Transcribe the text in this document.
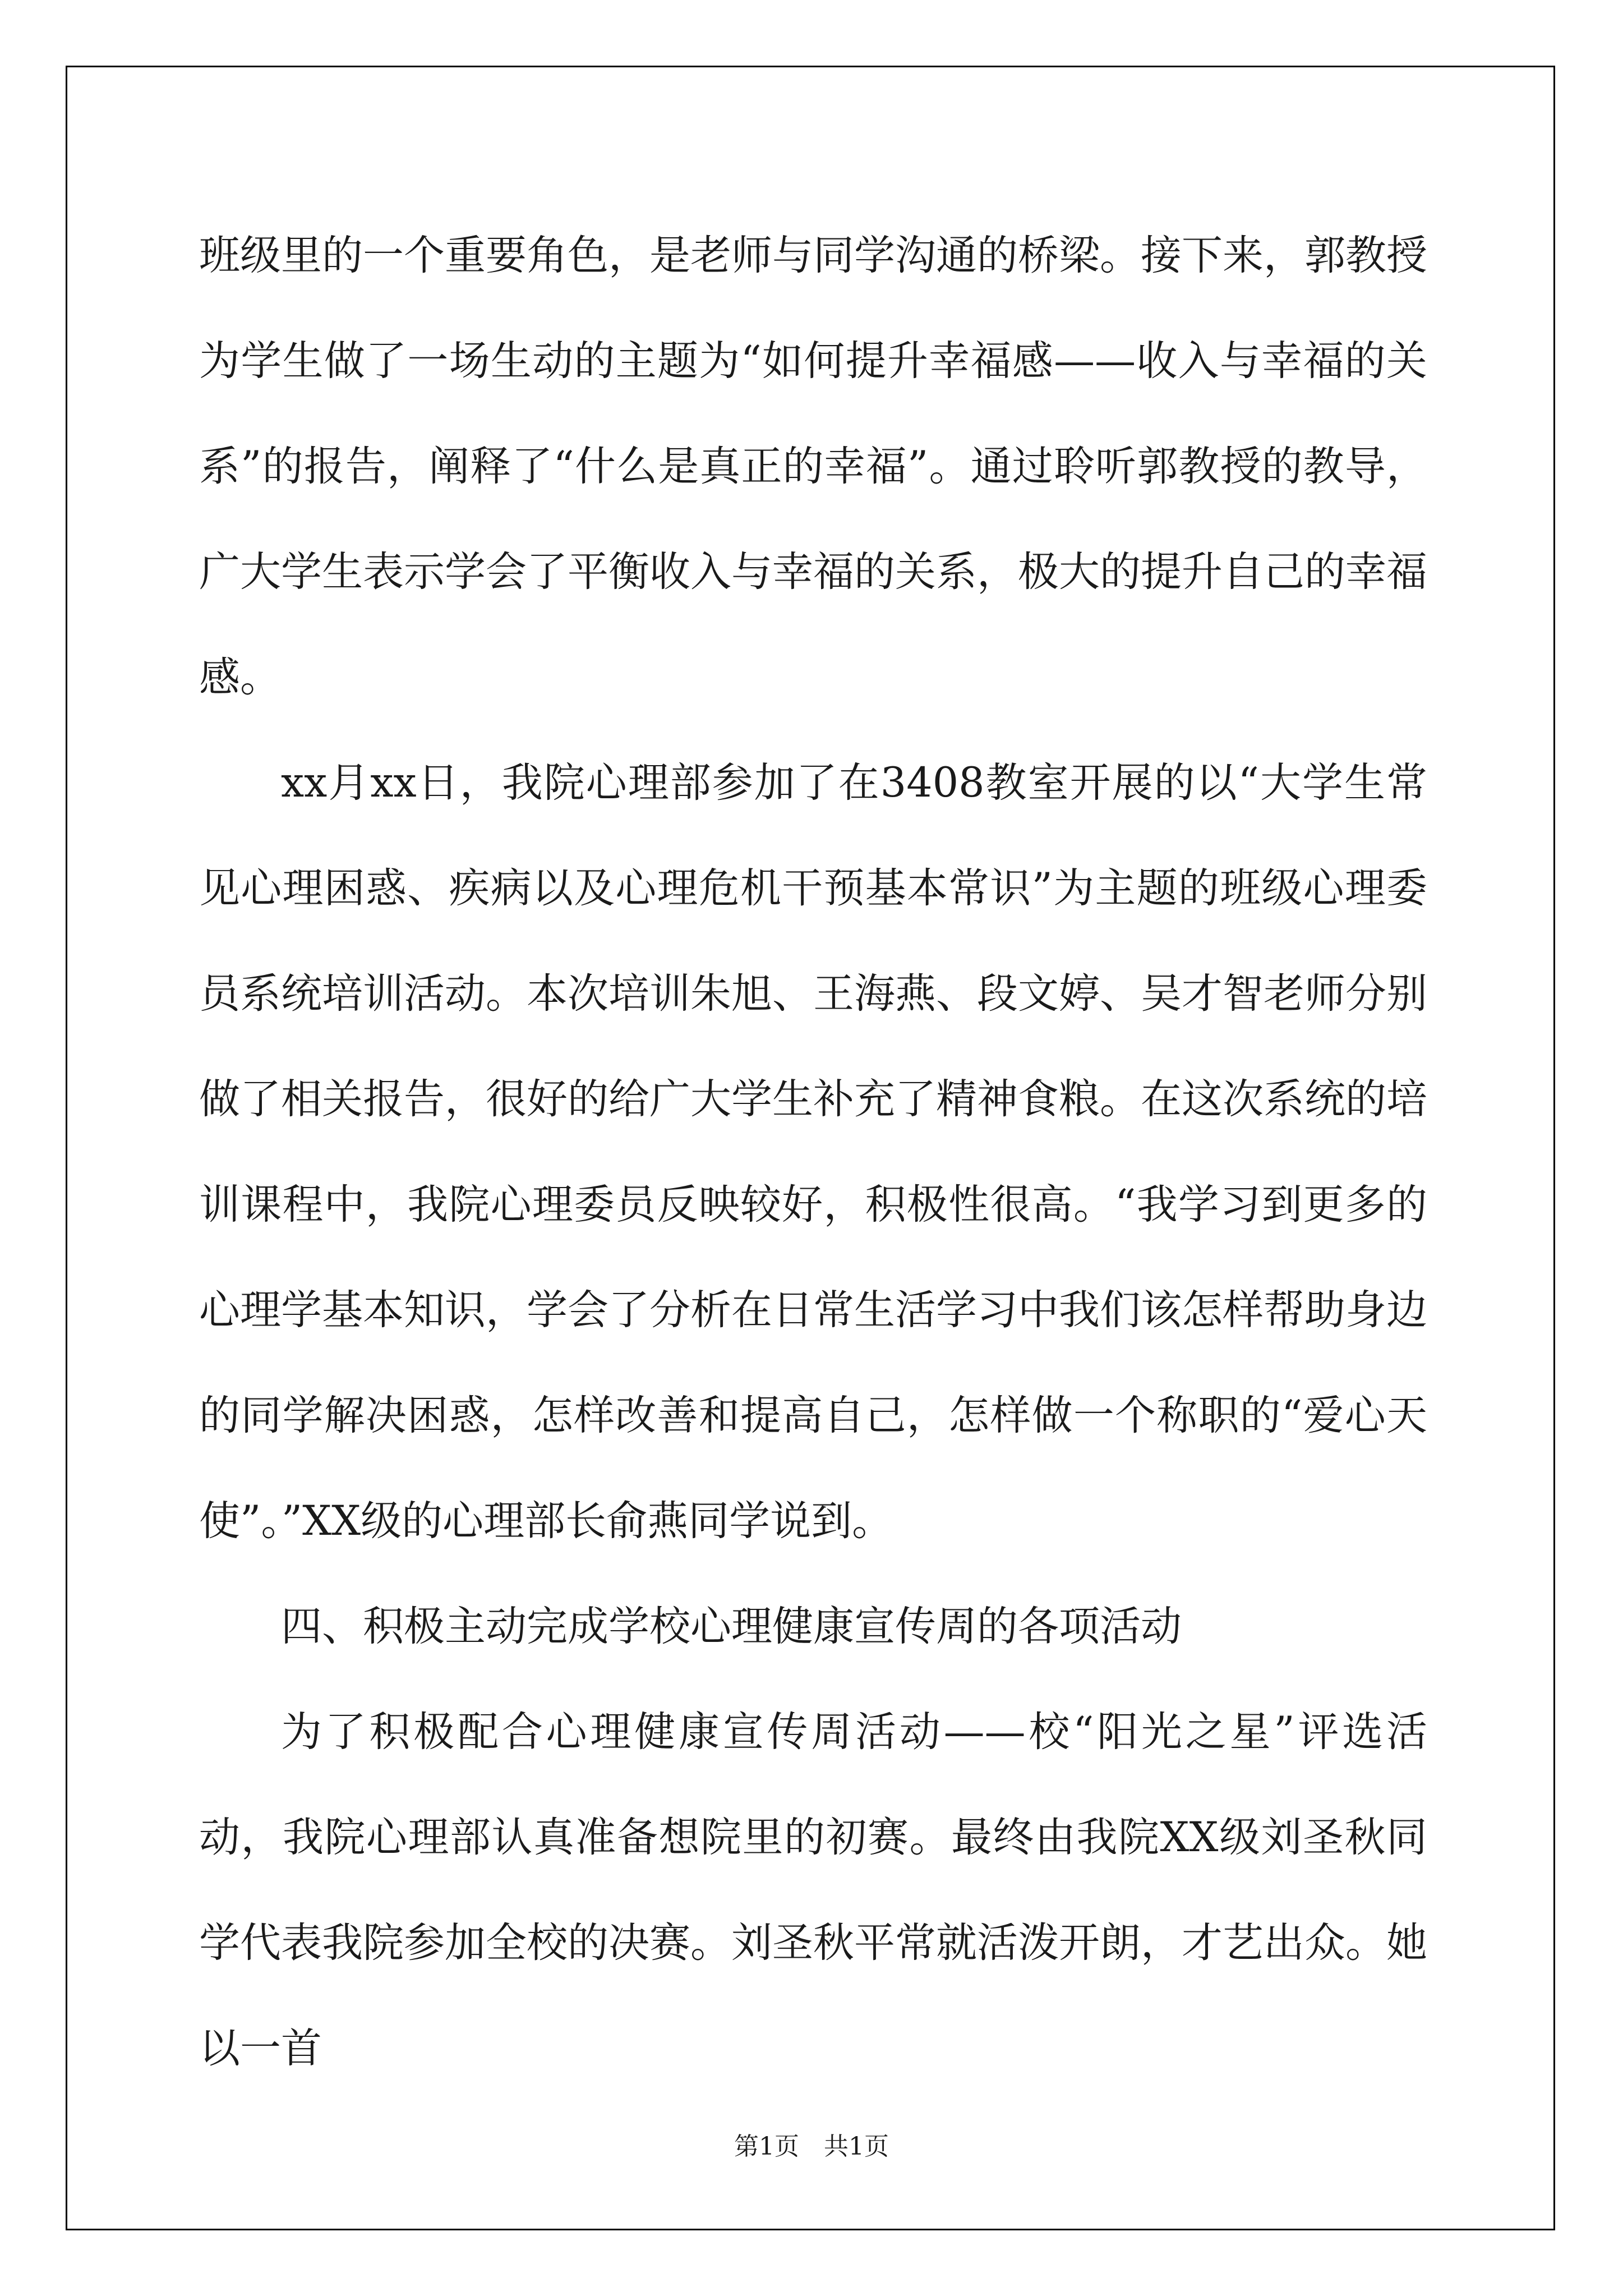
班级里的一个重要角色，是老师与同学沟通的桥梁。接下来，郭教授为学生做了一场生动的主题为“如何提升幸福感——收入与幸福的关系”的报告，阐释了“什么是真正的幸福”。通过聆听郭教授的教导，广大学生表示学会了平衡收入与幸福的关系，极大的提升自己的幸福感。

xx月xx日，我院心理部参加了在3408教室开展的以“大学生常见心理困惑、疾病以及心理危机干预基本常识”为主题的班级心理委员系统培训活动。本次培训朱旭、王海燕、段文婷、吴才智老师分别做了相关报告，很好的给广大学生补充了精神食粮。在这次系统的培训课程中，我院心理委员反映较好，积极性很高。“我学习到更多的心理学基本知识，学会了分析在日常生活学习中我们该怎样帮助身边的同学解决困惑，怎样改善和提高自己，怎样做一个称职的“爱心天使”。”XX级的心理部长俞燕同学说到。

四、积极主动完成学校心理健康宣传周的各项活动

为了积极配合心理健康宣传周活动——校“阳光之星”评选活动，我院心理部认真准备想院里的初赛。最终由我院XX级刘圣秋同学代表我院参加全校的决赛。刘圣秋平常就活泼开朗，才艺出众。她以一首

第1页 共1页
